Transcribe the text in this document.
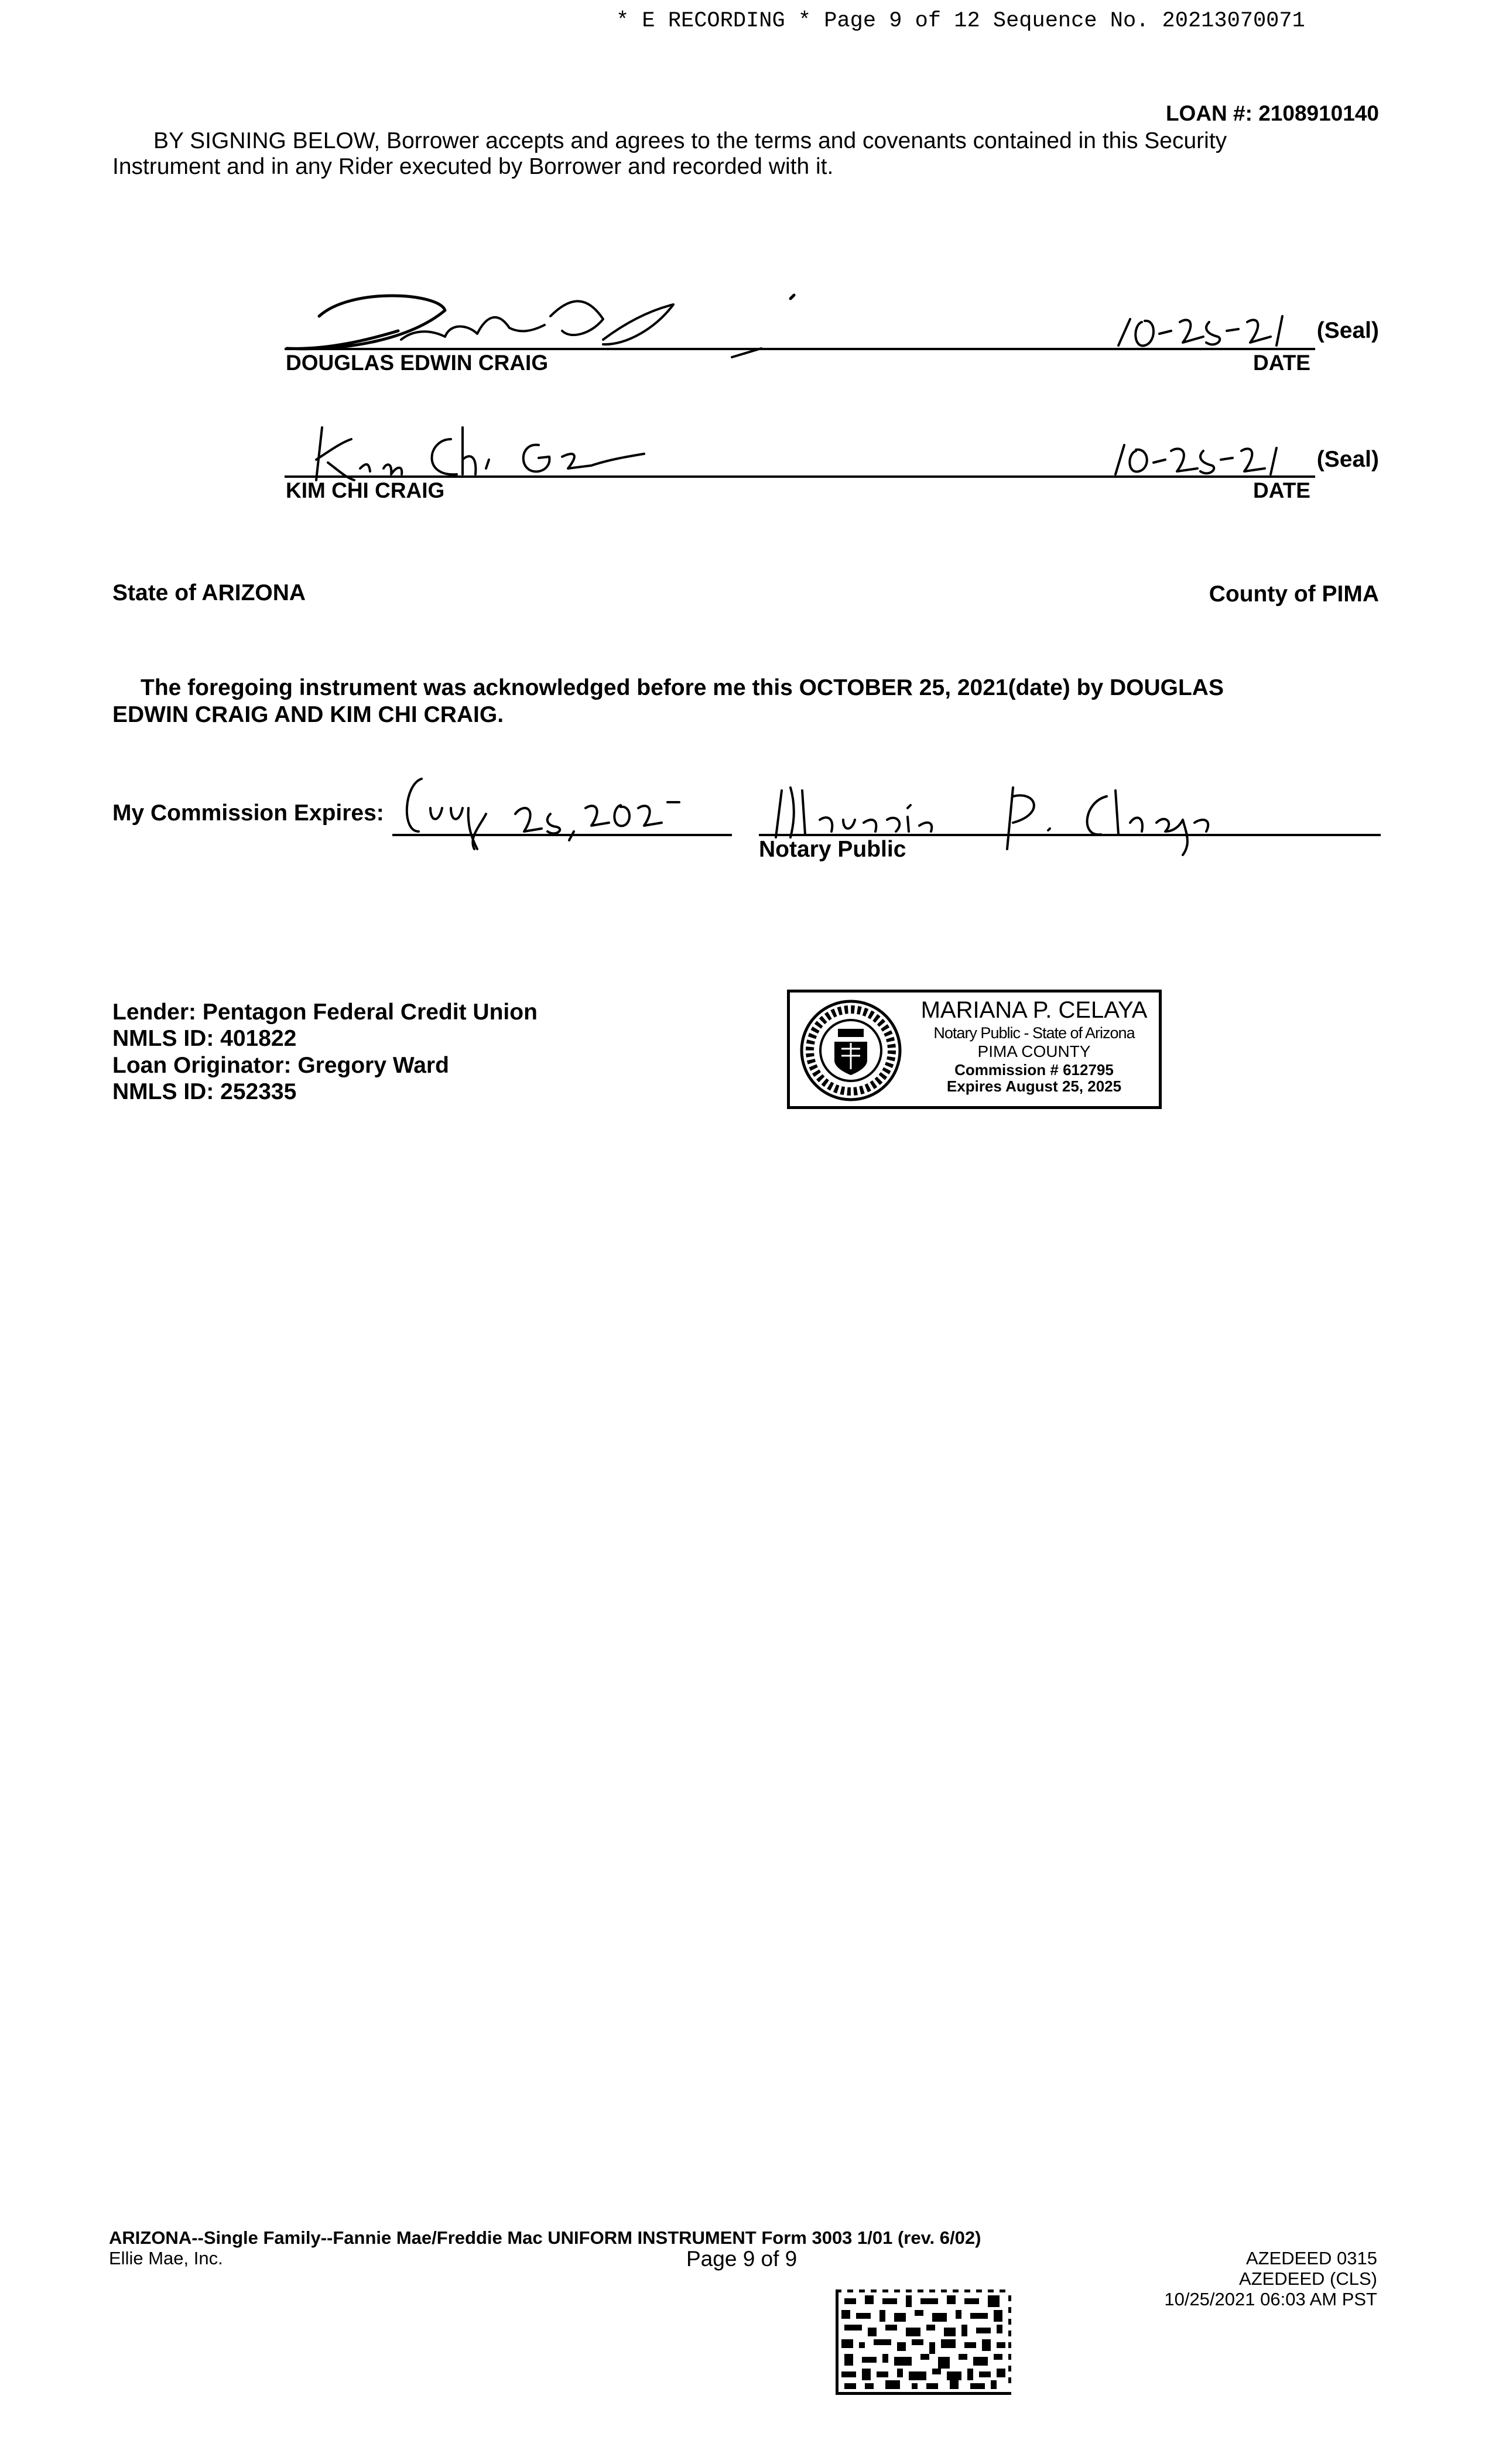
* E RECORDING * Page 9 of 12 Sequence No. 20213070071
LOAN #: 2108910140
BY SIGNING BELOW, Borrower accepts and agrees to the terms and covenants contained in this Security
Instrument and in any Rider executed by Borrower and recorded with it.
(Seal)
DOUGLAS EDWIN CRAIG	DATE
(Seal)
KIM CHI CRAIG	DATE
State of ARIZONA	County of PIMA
The foregoing instrument was acknowledged before me this OCTOBER 25, 2021(date) by DOUGLAS
EDWIN CRAIG AND KIM CHI CRAIG.
My Commission Expires:
Notary Public
Lender: Pentagon Federal Credit Union
NMLS ID: 401822
Loan Originator: Gregory Ward
NMLS ID: 252335
MARIANA P. CELAYA
Notary Public - State of Arizona
PIMA COUNTY
Commission # 612795
Expires August 25, 2025
ARIZONA--Single Family--Fannie Mae/Freddie Mac UNIFORM INSTRUMENT Form 3003 1/01 (rev. 6/02)
Ellie Mae, Inc.	Page 9 of 9	AZEDEED 0315
AZEDEED (CLS)
10/25/2021 06:03 AM PST
